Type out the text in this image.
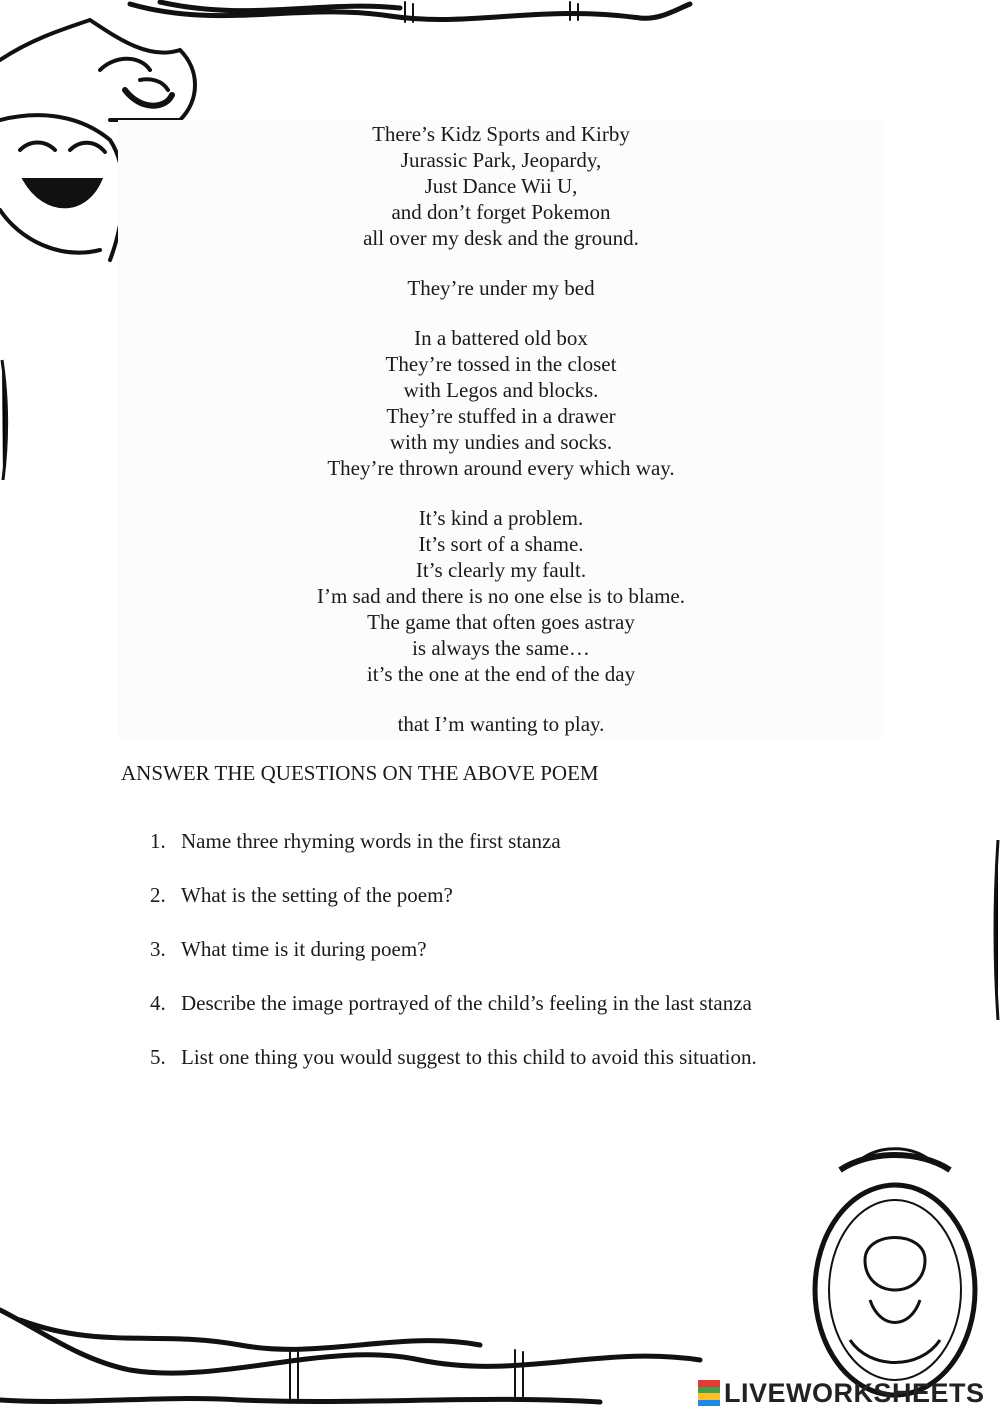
There’s Kidz Sports and Kirby
Jurassic Park, Jeopardy,
Just Dance Wii U,
and don’t forget Pokemon
all over my desk and the ground.
They’re under my bed
In a battered old box
They’re tossed in the closet
with Legos and blocks.
They’re stuffed in a drawer
with my undies and socks.
They’re thrown around every which way.
It’s kind a problem.
It’s sort of a shame.
It’s clearly my fault.
I’m sad and there is no one else is to blame.
The game that often goes astray
is always the same…
it’s the one at the end of the day
that I’m wanting to play.
ANSWER THE QUESTIONS ON THE ABOVE POEM
1. Name three rhyming words in the first stanza
2. What is the setting of the poem?
3. What time is it during poem?
4. Describe the image portrayed of the child’s feeling in the last stanza
5. List one thing you would suggest to this child to avoid this situation.
LIVEWORKSHEETS
